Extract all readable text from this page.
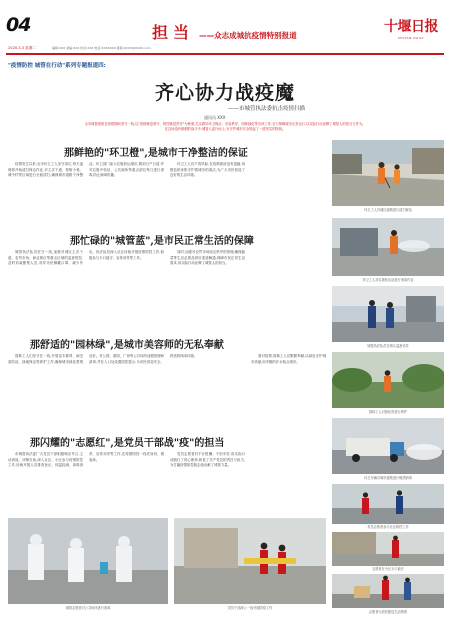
04
2020.3.3 星期二	编辑:XXX 美编:XXX 校对:XXX 电话:XXXXXXX 邮箱:XXXX@XXXX.com
担当 ——众志成城抗疫情特别报道
十堰日报
SHIYAN DAILY
"疫情防控 城管在行动"系列专题报道四:
齐心协力战疫魔
——市城管执法委抗击疫情扫描
通讯员 XXX
全市城管系统在疫情期间坚守一线,以"疫情就是命令、防控就是责任"为使命,扎实做好环卫保洁、市容秩序、园林绿化等各项工作,全力保障城市正常运行,以实际行动诠释了城管人的担当与作为。
在这场没有硝烟的战斗中,城管人逆行而上,为守护城市安全筑起了一道坚实的防线。
那鲜艳的"环卫橙",是城市干净整洁的保证

疫情发生以来,全市环卫工人坚守岗位,每天凌晨即开始清扫保洁作业,对主次干道、背街小巷、城中村等区域进行全面清扫,确保城市道路干净整洁。环卫部门加大垃圾收运频次,做到日产日清,并对垃圾中转站、公共厕所等重点部位每日进行消毒,防止病毒传播。

环卫工人们不畏风险,在疫情面前没有退缩,用橙色的身影守护着城市的清洁,为广大市民营造了良好的生活环境。

环卫工人对城区道路进行清扫保洁
那忙碌的"城管蓝",是市民正常生活的保障

城管执法队员坚守一线,加强对城区主次干道、农贸市场、商业街区等重点区域的巡查管控,及时劝离聚集人员,劝导市民佩戴口罩、减少外出。执法队员深入社区协助开展疫情防控工作,积极参与卡口值守、宣传劝导等工作。

同时,加强对农贸市场周边秩序的管理,确保蔬菜等生活必需品供应渠道畅通,保障市民正常生活需求,用实际行动诠释了城管人的担当。

环卫工人对垃圾转运站进行消毒作业
城管执法队员在街头巡查劝导
那舒适的"园林绿",是城市美容师的无私奉献

园林工人们坚守在一线,开展苗木修剪、病虫害防治、绿地保洁等养护工作,确保城市绿化景观良好。对公园、游园、广场等公共场所加强管理和消毒,并在入口处设置防控提示,为市民营造安全、舒适的休闲环境。	面对疫情,园林工人们默默奉献,以绿色守护城市美丽,用辛勤的汗水装点城市。

园林工人对绿化带进行养护
环卫车辆对城市道路进行喷洒消毒
那闪耀的"志愿红",是党员干部战"疫"的担当

市城管执法委广大党员干部积极响应号召,主动请战、冲锋在前,深入社区、小区参与疫情防控工作,协助开展人员排查登记、体温检测、消毒消杀、宣传劝导等工作,在疫情防控一线亮身份、做表率。

党员志愿者们不计报酬、不怕辛苦,用实际行动践行了初心使命,彰显了共产党员的责任与担当,为打赢疫情防控阻击战贡献了城管力量。

城管志愿者对公共场所进行消毒	党员干部深入一线开展防疫工作
党员志愿者参与社区防控工作
志愿者在小区卡口值守
志愿者为居民配送生活物资
